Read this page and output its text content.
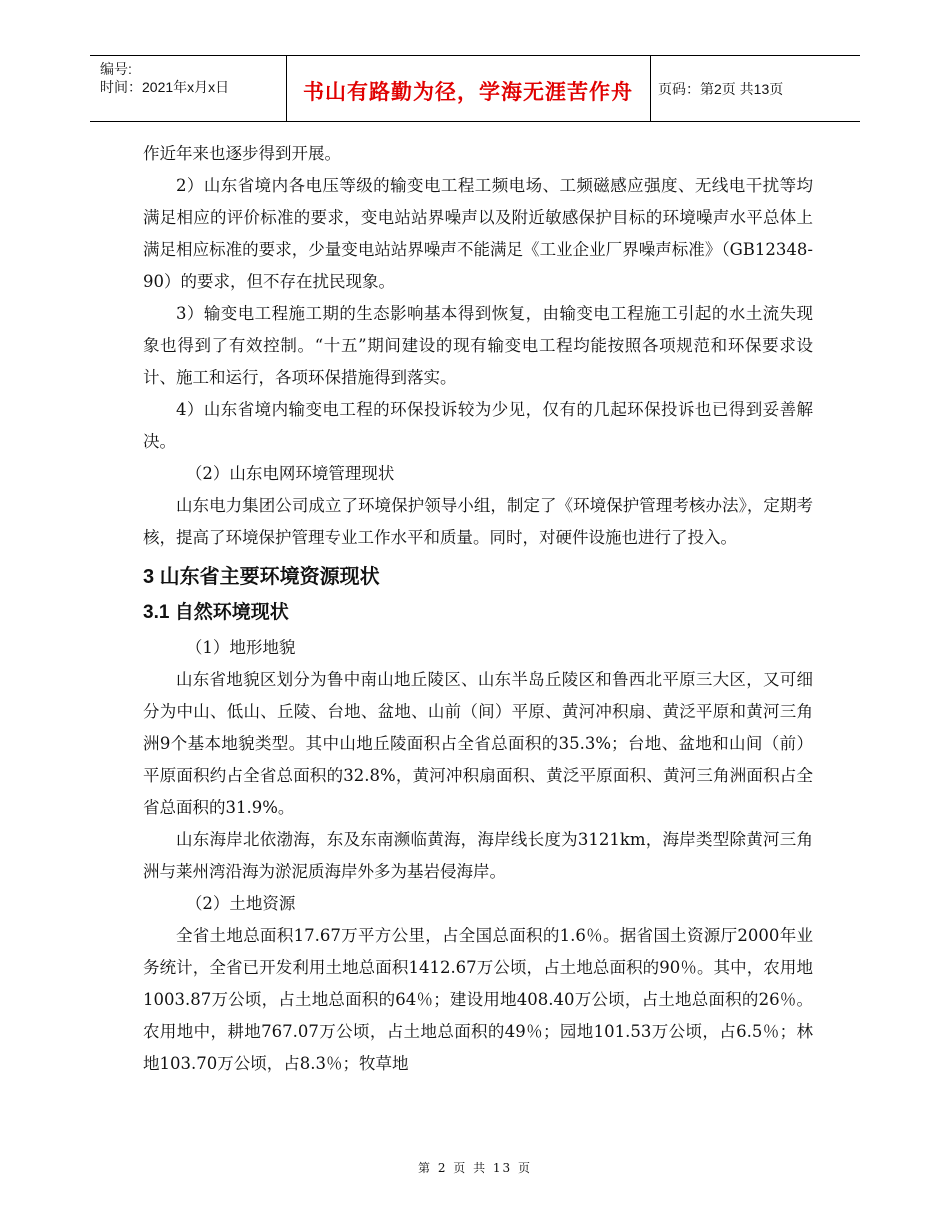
编号:
时间：2021年x月x日	书山有路勤为径，学海无涯苦作舟	页码：第2页 共13页

作近年来也逐步得到开展。

2）山东省境内各电压等级的输变电工程工频电场、工频磁感应强度、无线电干扰等均满足相应的评价标准的要求，变电站站界噪声以及附近敏感保护目标的环境噪声水平总体上满足相应标准的要求，少量变电站站界噪声不能满足《工业企业厂界噪声标准》（GB12348-90）的要求，但不存在扰民现象。

3）输变电工程施工期的生态影响基本得到恢复，由输变电工程施工引起的水土流失现象也得到了有效控制。“十五”期间建设的现有输变电工程均能按照各项规范和环保要求设计、施工和运行，各项环保措施得到落实。

4）山东省境内输变电工程的环保投诉较为少见，仅有的几起环保投诉也已得到妥善解决。

（2）山东电网环境管理现状

山东电力集团公司成立了环境保护领导小组，制定了《环境保护管理考核办法》，定期考核，提高了环境保护管理专业工作水平和质量。同时，对硬件设施也进行了投入。

3 山东省主要环境资源现状
3.1 自然环境现状

（1）地形地貌

山东省地貌区划分为鲁中南山地丘陵区、山东半岛丘陵区和鲁西北平原三大区，又可细分为中山、低山、丘陵、台地、盆地、山前（间）平原、黄河冲积扇、黄泛平原和黄河三角洲9个基本地貌类型。其中山地丘陵面积占全省总面积的35.3%；台地、盆地和山间（前）平原面积约占全省总面积的32.8%，黄河冲积扇面积、黄泛平原面积、黄河三角洲面积占全省总面积的31.9%。

山东海岸北依渤海，东及东南濒临黄海，海岸线长度为3121km，海岸类型除黄河三角洲与莱州湾沿海为淤泥质海岸外多为基岩侵海岸。

（2）土地资源

全省土地总面积17.67万平方公里，占全国总面积的1.6％。据省国土资源厅2000年业务统计，全省已开发利用土地总面积1412.67万公顷，占土地总面积的90％。其中，农用地1003.87万公顷，占土地总面积的64％；建设用地408.40万公顷，占土地总面积的26％。农用地中，耕地767.07万公顷，占土地总面积的49％；园地101.53万公顷，占6.5％；林地103.70万公顷，占8.3％；牧草地

第 2 页 共 13 页
